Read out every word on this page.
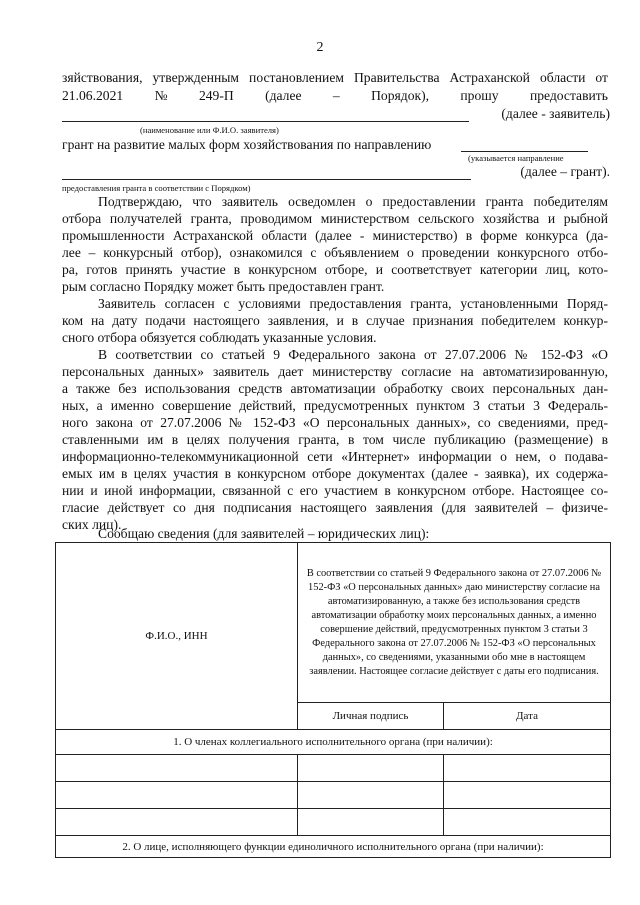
2
зяйствования, утвержденным постановлением Правительства Астраханской области от
21.06.2021 № 249-П (далее – Порядок), прошу предоставить
(далее - заявитель)
(наименование или Ф.И.О. заявителя)
грант на развитие малых форм хозяйствования по направлению
(указывается направление
(далее – грант).
предоставления гранта в соответствии с Порядком)
Подтверждаю, что заявитель осведомлен о предоставлении гранта победителям
отбора получателей гранта, проводимом министерством сельского хозяйства и рыбной
промышленности Астраханской области (далее - министерство) в форме конкурса (да-
лее – конкурсный отбор), ознакомился с объявлением о проведении конкурсного отбо-
ра, готов принять участие в конкурсном отборе, и соответствует категории лиц, кото-
рым согласно Порядку может быть предоставлен грант.
Заявитель согласен с условиями предоставления гранта, установленными Поряд-
ком на дату подачи настоящего заявления, и в случае признания победителем конкур-
сного отбора обязуется соблюдать указанные условия.
В соответствии со статьей 9 Федерального закона от 27.07.2006 № 152-ФЗ «О
персональных данных» заявитель дает министерству согласие на автоматизированную,
а также без использования средств автоматизации обработку своих персональных дан-
ных, а именно совершение действий, предусмотренных пунктом 3 статьи 3 Федераль-
ного закона от 27.07.2006 № 152-ФЗ «О персональных данных», со сведениями, пред-
ставленными им в целях получения гранта, в том числе публикацию (размещение) в
информационно-телекоммуникационной сети «Интернет» информации о нем, о подава-
емых им в целях участия в конкурсном отборе документах (далее - заявка), их содержа-
нии и иной информации, связанной с его участием в конкурсном отборе. Настоящее со-
гласие действует со дня подписания настоящего заявления (для заявителей – физиче-
ских лиц).
Сообщаю сведения (для заявителей – юридических лиц):
Ф.И.О., ИНН	В соответствии со статьей 9 Федерального закона от 27.07.2006 № 152-ФЗ «О персональных данных» даю министерству согласие на автоматизированную, а также без использования средств автоматизации обработку моих персональных данных, а именно совершение действий, предусмотренных пунктом 3 статьи 3 Федерального закона от 27.07.2006 № 152-ФЗ «О персональных данных», со сведениями, указанными обо мне в настоящем заявлении. Настоящее согласие действует с даты его подписания.	
	Личная подпись	Дата
1. О членах коллегиального исполнительного органа (при наличии):		

2. О лице, исполняющего функции единоличного исполнительного органа (при наличии):		
